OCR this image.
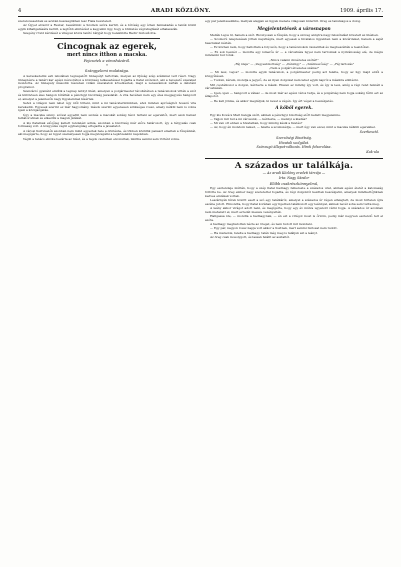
4	ARADI KÖZLÖNY.	1909. április 17.

szerencsésebbek és azután készségükben lesz Fiala bevételeit.

Az Ügyet elöször a Reuter, beszélünk: a Szolnok szóra került, és a bíróság egy ízben fennakadás a tanúk közül egyik kihallgatására került, a legfőbb elintézést a kegyelmi ügy, hogy a büntetés végrehajtását elhalasszák.

Szegény rövid kérdését a világosi közös tanító bátyját hogy beleküldte Bachr biztosította.

Cincognak az egerek,
mert nincs itthon a macska.
Fejezetek a városházáról.
*
Szángyelemi mulatsága.

A kereskedelmi esti iskolában tegnapelőtt ünnepélyt tartottak, melyen az ifjúság szép számmal vett részt. Nagy ünneplésre a tanári kar egész névsorához a közönség lelkesedéssel fogadta a fiatal szónokot, aki a bevezető szavakat mondotta. Az ünnepély második részében vidám szavalatok következtek, majd a zeneszámok zárták a délutáni programot.

Szenzáció gyanánt említik a tegnap lefolyt ülést, amelyen a polgármester távollétében a tanácsnokok vitték a szót és különösen éles hangon bírálták a pénzügyi bizottság javaslatát. A vita hevében nem egy éles megjegyzés hangzott el, amelyet a jelenlevők nagy figyelemmel kísértek.

Sehol a világon nem lehet úgy időt tölteni, mint a mi tanácstermünkben, ahol minden apróságból hosszú vita kerekedik. Egyesek szerint ez már hagyomány, mások szerint egyenesen szükséges rossz, amely nélkül nem is volna igazi a közigazgatás.

Úgy a macska szuny. szóval egyedül nem szokás a macskát sokáig távol tartani az egerektől, mert azok hamar felbátorodnak és elkezdik a maguk játékát.

A kis fiatalnak előzőleg kellett rendelést adnia, azonban a bizottság már előre határozott, így a tárgyalás csak formaság volt. A közgyűlés végül egyhangúlag elfogadta a javaslatot.

A városi tisztviselők azonban nem mind egyeztek bele a döntésbe, és többen közülük panaszt emeltek a főispánnál, aki megígérte, hogy az ügyet személyesen fogja megvizsgálni a legközelebbi napokban.

Végül a tanács elnöke bezárta az ülést, és a tagok csendben elvonultak, mintha semmi sem történt volna.

egy pár jelentéseinkbe, mellyek alapján az ügyek menete világosan kiderült. Öreg és tanulságos a dolog.

Megjelentetések a városnapon

Mellék Lajos ül, hanem a szót. Bizonyosan a főispán, hogy a szöveg annyira nagy felszólalást követelt az ülésben.

— Szomorú leleplezések jöttek napvilágra, mert egyesek a hivatalos ügyekben nem a közérdeket, hanem a saját hasznukat nézték.

— Ez közben nem, hogy hallottam a folyosón, hogy a tanácsnokok összeültek és megbeszélték a teendőket.

— Ez sok beszéd — mondta egy ismerős úr — a városháza ügyei nem tartoznak a nyilvánosság elé, de mégis mindenki tud róluk.

„Nincs valami dicséretes szótár!"

„Fáj ideje" — „Vegyesbizottság" — „Pénzügy" — „Számvevőség" — „Fáj tartozás"

„Nem a polgári élvezetes száma!"

— Mi lesz, Lajos? — mondta egyik tanácsnok, a polgármester pedig azt felelte, hogy az ügy majd eldől a közgyűlésen.

— Tudom, kérem, mondja a jegyző, de az ilyen dolgokat nem lehet egyik napról a másikra elintézni.

Mit csodálkozol a dolgon, kérdezte a másik. Hiszen ez mindig így volt, és így is lesz, amíg a régi rend fennáll a városházán.

— Igen, igen — hangzott a válasz — de most már az egész város tudja, és a polgárság nem fogja sokáig tűrni ezt az állapotot.

— Be kell jönnie, és akkor meglátjuk, ki nevet a végén. Így ért véget a beszélgetés.

A köböl egerek.

Egy kis Kovács Mari hangja szólt, akinek a pénzügyi bizottság előtt kellett megjelennie.

— Vajjon mit tud a mi városunk, — kérdezte, — mennyi a kiadás?

— Mi van ott ebben a hivatalban, hogy mindig késik a fizetés?

— Az, hogy én mondom neked, — felelte a szomszédja, — mert úgy van ezzel, mint a macska nélküli egerekkel.

Szerkesztő.
Szerzőségi Bizottság.
Hivatali szolgálat.
Szénzugó állapot-változás. Hírek felsorolása.
Kuk-ula
A százados ur találkája.
— Az aradi Közlöny eredeti tárcája —
Irta: Nagy Sándor
Előbb csakrészkönnyelmű,

Egy esztendeje múltán, hogy a szép fiatal hadnagy felkereste a százados urat, akinek egész életét a katonaság töltötte be. Az öreg ember nagy szeretettel fogadta, és régi dolgokról kezdtek beszélgetni, amelyek mindkettőjüknek kedves emlékek voltak.

Leszárnyék hírek között esett a szó egy találkáról, amelyet a százados úr régen elfelejtett, de most hirtelen újra eszébe jutott. Elmondta, hogy fiatal korában egy ligetben találkozott egy leánnyal, akinek nevét soha sem tudta meg.

A leány akkor virágot adott neki, és megígérte, hogy egy év múlva ugyanott várni fogja. A százados úr azonban nem mehetett el, mert ezredét messze vezényelték.

Hallgassa ide, — mondta a hadnagynak, — én ezt a virágot most is őrzöm, pedig már negyven esztendő telt el azóta.

A hadnagy meghatottan nézte az öreget, és nem tudott mit mondani.

— Egy pár, nagyon rossz napja volt akkor a tisztnek, mert semmi biztosat nem tudott.

— Ha maradok, felelte a hadnagy, talán még meg is találjuk azt a leányt.

Az öreg csak mosolygott, és lassan felállt az asztaltól.
